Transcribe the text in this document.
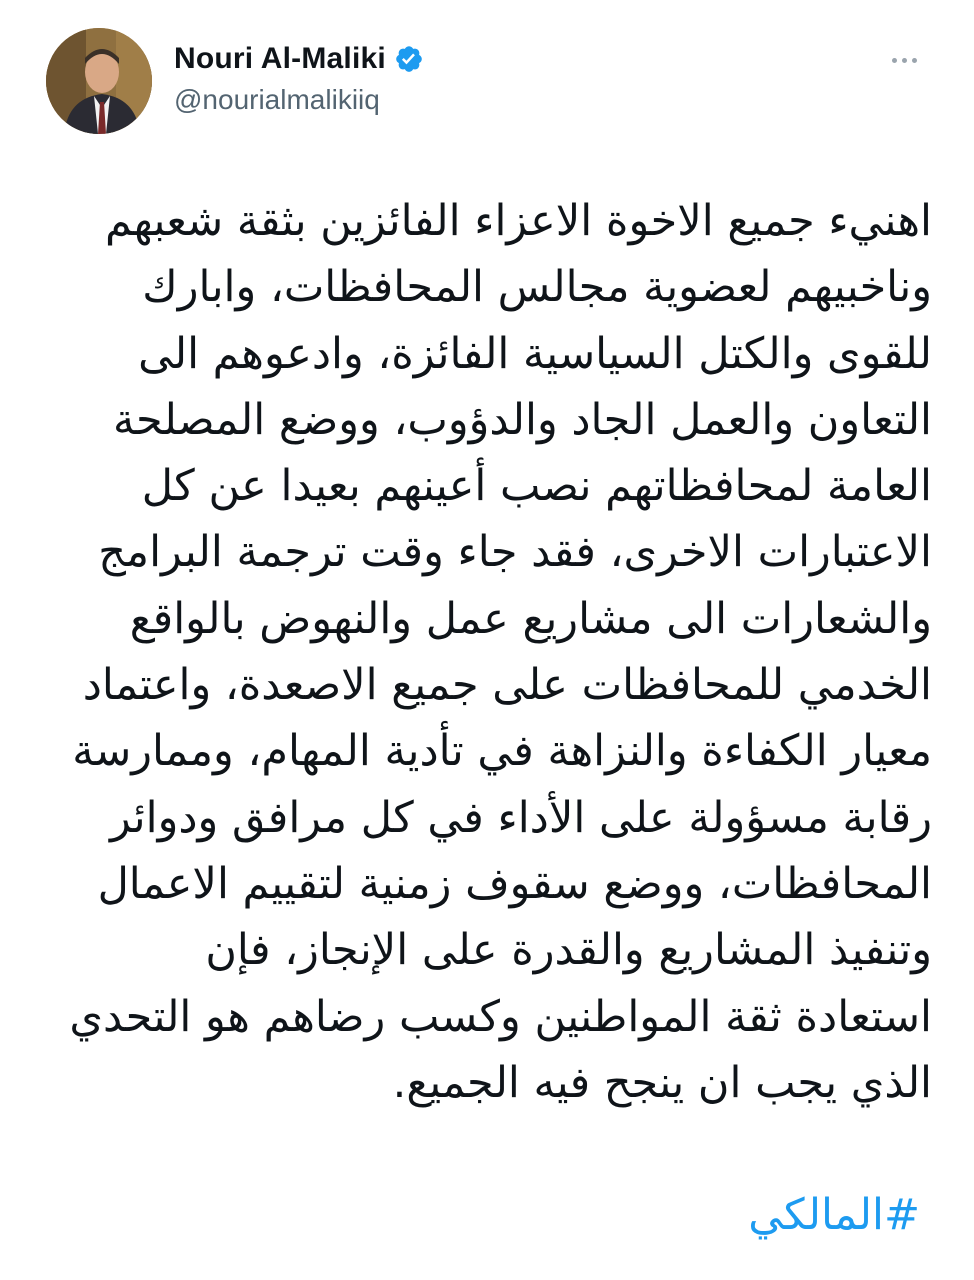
Nouri Al-Maliki
@nourialmalikiiq
اهنيء جميع الاخوة الاعزاء الفائزين بثقة شعبهم وناخبيهم لعضوية مجالس المحافظات، وابارك للقوى والكتل السياسية الفائزة، وادعوهم الى التعاون والعمل الجاد والدؤوب، ووضع المصلحة العامة لمحافظاتهم نصب أعينهم بعيدا عن كل الاعتبارات الاخرى، فقد جاء وقت ترجمة البرامج والشعارات الى مشاريع عمل والنهوض بالواقع الخدمي للمحافظات على جميع الاصعدة، واعتماد معيار الكفاءة والنزاهة في تأدية المهام، وممارسة رقابة مسؤولة على الأداء في كل مرافق ودوائر المحافظات، ووضع سقوف زمنية لتقييم الاعمال وتنفيذ المشاريع والقدرة على الإنجاز، فإن استعادة ثقة المواطنين وكسب رضاهم هو التحدي الذي يجب ان ينجح فيه الجميع.
#المالكي
